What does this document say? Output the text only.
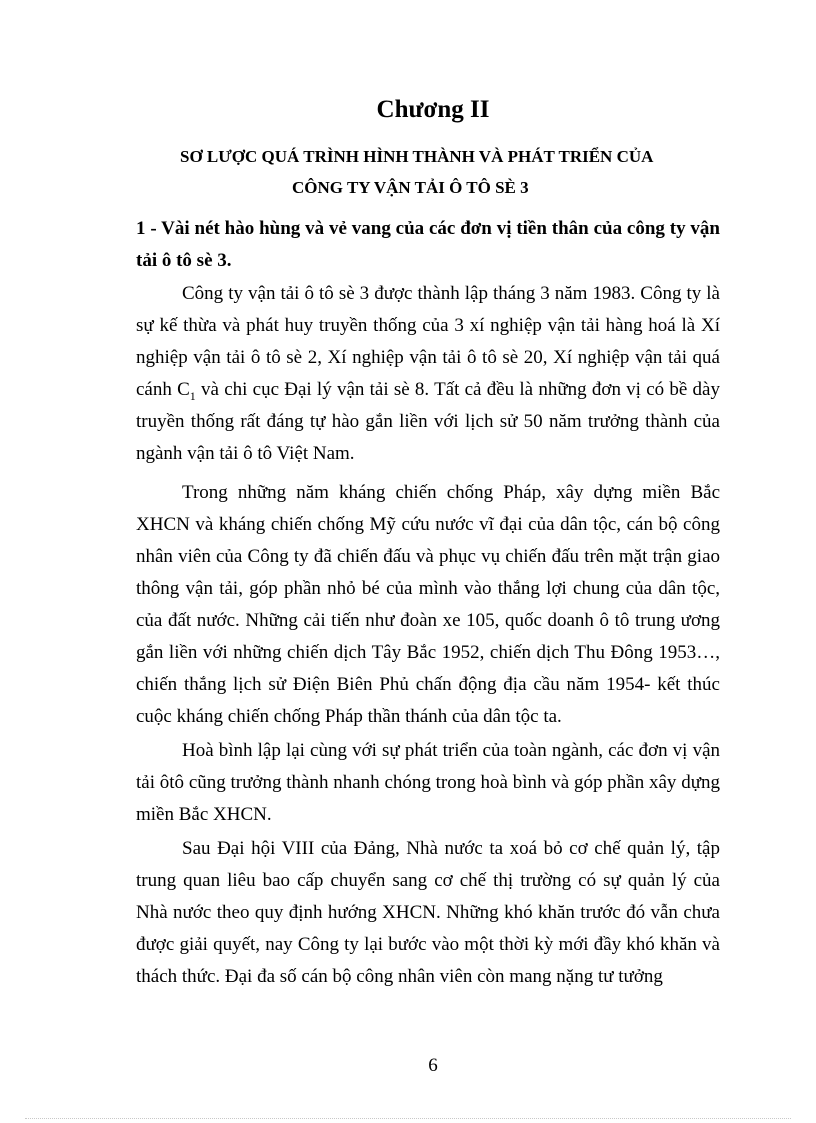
Chương II
SƠ LƯỢC QUÁ TRÌNH HÌNH THÀNH VÀ PHÁT TRIỂN CỦA
CÔNG TY VẬN TẢI Ô TÔ SÈ 3
1 - Vài nét hào hùng và vẻ vang của các đơn vị tiền thân của công ty vận tải ô tô sè 3.

Công ty vận tải ô tô sè 3 được thành lập tháng 3 năm 1983. Công ty là sự kế thừa và phát huy truyền thống của 3 xí nghiệp vận tải hàng hoá là Xí nghiệp vận tải ô tô sè 2, Xí nghiệp vận tải ô tô sè 20, Xí nghiệp vận tải quá cánh $C_1$ và chi cục Đại lý vận tải sè 8. Tất cả đều là những đơn vị có bề dày truyền thống rất đáng tự hào gắn liền với lịch sử 50 năm trưởng thành của ngành vận tải ô tô Việt Nam.

Trong những năm kháng chiến chống Pháp, xây dựng miền Bắc XHCN và kháng chiến chống Mỹ cứu nước vĩ đại của dân tộc, cán bộ công nhân viên của Công ty đã chiến đấu và phục vụ chiến đấu trên mặt trận giao thông vận tải, góp phần nhỏ bé của mình vào thắng lợi chung của dân tộc, của đất nước. Những cải tiến như đoàn xe 105, quốc doanh ô tô trung ương gắn liền với những chiến dịch Tây Bắc 1952, chiến dịch Thu Đông 1953…, chiến thắng lịch sử Điện Biên Phủ chấn động địa cầu năm 1954- kết thúc cuộc kháng chiến chống Pháp thần thánh của dân tộc ta.

Hoà bình lập lại cùng với sự phát triển của toàn ngành, các đơn vị vận tải ôtô cũng trưởng thành nhanh chóng trong hoà bình và góp phần xây dựng miền Bắc XHCN.

Sau Đại hội VIII của Đảng, Nhà nước ta xoá bỏ cơ chế quản lý, tập trung quan liêu bao cấp chuyển sang cơ chế thị trường có sự quản lý của Nhà nước theo quy định hướng XHCN. Những khó khăn trước đó vẫn chưa được giải quyết, nay Công ty lại bước vào một thời kỳ mới đầy khó khăn và thách thức. Đại đa số cán bộ công nhân viên còn mang nặng tư tưởng

6
